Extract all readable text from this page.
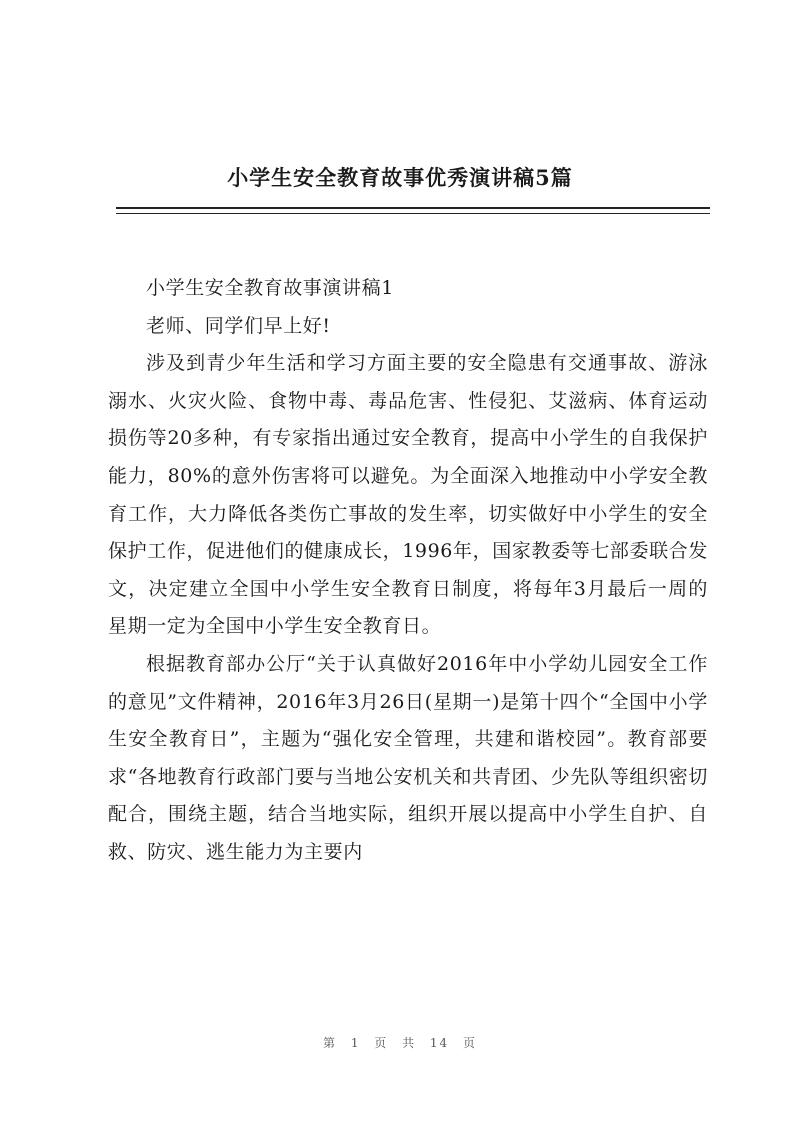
小学生安全教育故事优秀演讲稿5篇

小学生安全教育故事演讲稿1

老师、同学们早上好!

涉及到青少年生活和学习方面主要的安全隐患有交通事故、游泳溺水、火灾火险、食物中毒、毒品危害、性侵犯、艾滋病、体育运动损伤等20多种，有专家指出通过安全教育，提高中小学生的自我保护能力，80%的意外伤害将可以避免。为全面深入地推动中小学安全教育工作，大力降低各类伤亡事故的发生率，切实做好中小学生的安全保护工作，促进他们的健康成长，1996年，国家教委等七部委联合发文，决定建立全国中小学生安全教育日制度，将每年3月最后一周的星期一定为全国中小学生安全教育日。

根据教育部办公厅“关于认真做好2016年中小学幼儿园安全工作的意见”文件精神，2016年3月26日(星期一)是第十四个“全国中小学生安全教育日”，主题为“强化安全管理，共建和谐校园”。教育部要求“各地教育行政部门要与当地公安机关和共青团、少先队等组织密切配合，围绕主题，结合当地实际，组织开展以提高中小学生自护、自救、防灾、逃生能力为主要内

第 1 页 共 14 页
